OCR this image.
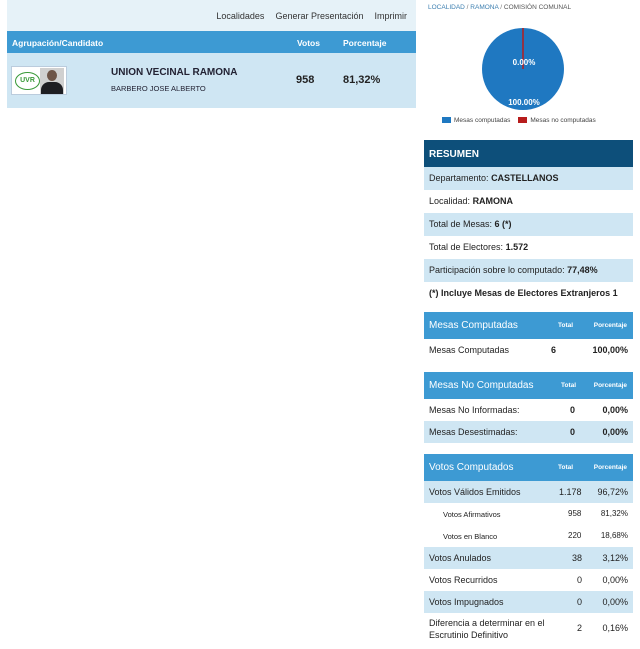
Localidades Generar Presentación Imprimir
Agrupación/Candidato	Votos	Porcentaje
UVR
UNION VECINAL RAMONA
BARBERO JOSE ALBERTO
958	81,32%
LOCALIDAD / RAMONA / COMISIÓN COMUNAL
0.00%
100.00%
Mesas computadas	Mesas no computadas
RESUMEN
Departamento: CASTELLANOS
Localidad: RAMONA
Total de Mesas: 6 (*)
Total de Electores: 1.572
Participación sobre lo computado: 77,48%
(*) Incluye Mesas de Electores Extranjeros 1
Mesas Computadas	Total	Porcentaje
Mesas Computadas	6	100,00%
Mesas No Computadas	Total	Porcentaje
Mesas No Informadas:	0	0,00%
Mesas Desestimadas:	0	0,00%
Votos Computados	Total	Porcentaje
Votos Válidos Emitidos	1.178 96,72%
Votos Afirmativos	958 81,32%
Votos en Blanco	220 18,68%
Votos Anulados	38 3,12%
Votos Recurridos	0 0,00%
Votos Impugnados	0 0,00%
Diferencia a determinar en el Escrutinio Definitivo
2 0,16%
